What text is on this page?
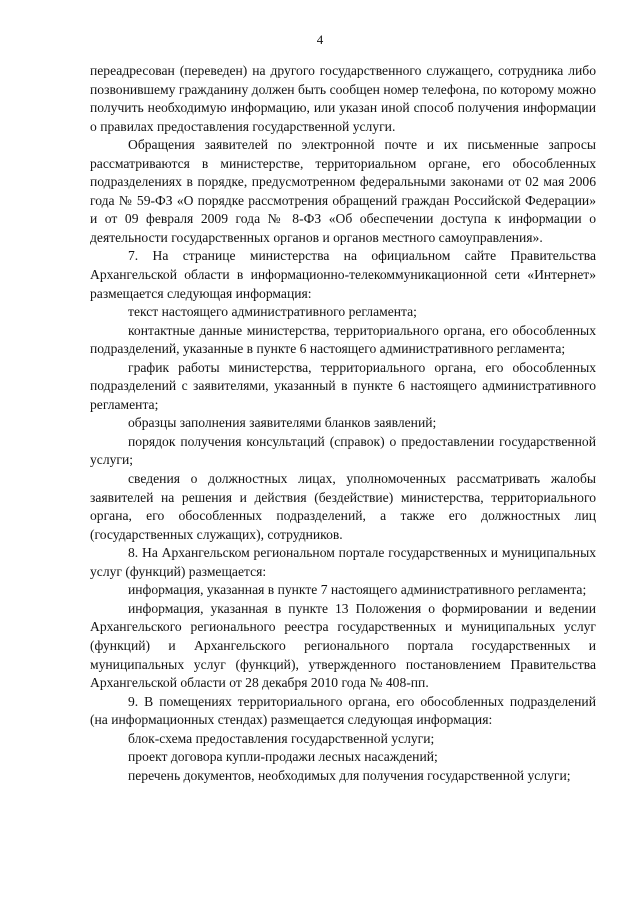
4

переадресован (переведен) на другого государственного служащего, сотрудника либо позвонившему гражданину должен быть сообщен номер телефона, по которому можно получить необходимую информацию, или указан иной способ получения информации о правилах предоставления государственной услуги.

Обращения заявителей по электронной почте и их письменные запросы рассматриваются в министерстве, территориальном органе, его обособленных подразделениях в порядке, предусмотренном федеральными законами от 02 мая 2006 года № 59-ФЗ «О порядке рассмотрения обращений граждан Российской Федерации» и от 09 февраля 2009 года № 8-ФЗ «Об обеспечении доступа к информации о деятельности государственных органов и органов местного самоуправления».

7. На странице министерства на официальном сайте Правительства Архангельской области в информационно-телекоммуникационной сети «Интернет» размещается следующая информация:

текст настоящего административного регламента;

контактные данные министерства, территориального органа, его обособленных подразделений, указанные в пункте 6 настоящего административного регламента;

график работы министерства, территориального органа, его обособленных подразделений с заявителями, указанный в пункте 6 настоящего административного регламента;

образцы заполнения заявителями бланков заявлений;

порядок получения консультаций (справок) о предоставлении государственной услуги;

сведения о должностных лицах, уполномоченных рассматривать жалобы заявителей на решения и действия (бездействие) министерства, территориального органа, его обособленных подразделений, а также его должностных лиц (государственных служащих), сотрудников.

8. На Архангельском региональном портале государственных и муниципальных услуг (функций) размещается:

информация, указанная в пункте 7 настоящего административного регламента;

информация, указанная в пункте 13 Положения о формировании и ведении Архангельского регионального реестра государственных и муниципальных услуг (функций) и Архангельского регионального портала государственных и муниципальных услуг (функций), утвержденного постановлением Правительства Архангельской области от 28 декабря 2010 года № 408-пп.

9. В помещениях территориального органа, его обособленных подразделений (на информационных стендах) размещается следующая информация:

блок-схема предоставления государственной услуги;

проект договора купли-продажи лесных насаждений;

перечень документов, необходимых для получения государственной услуги;
